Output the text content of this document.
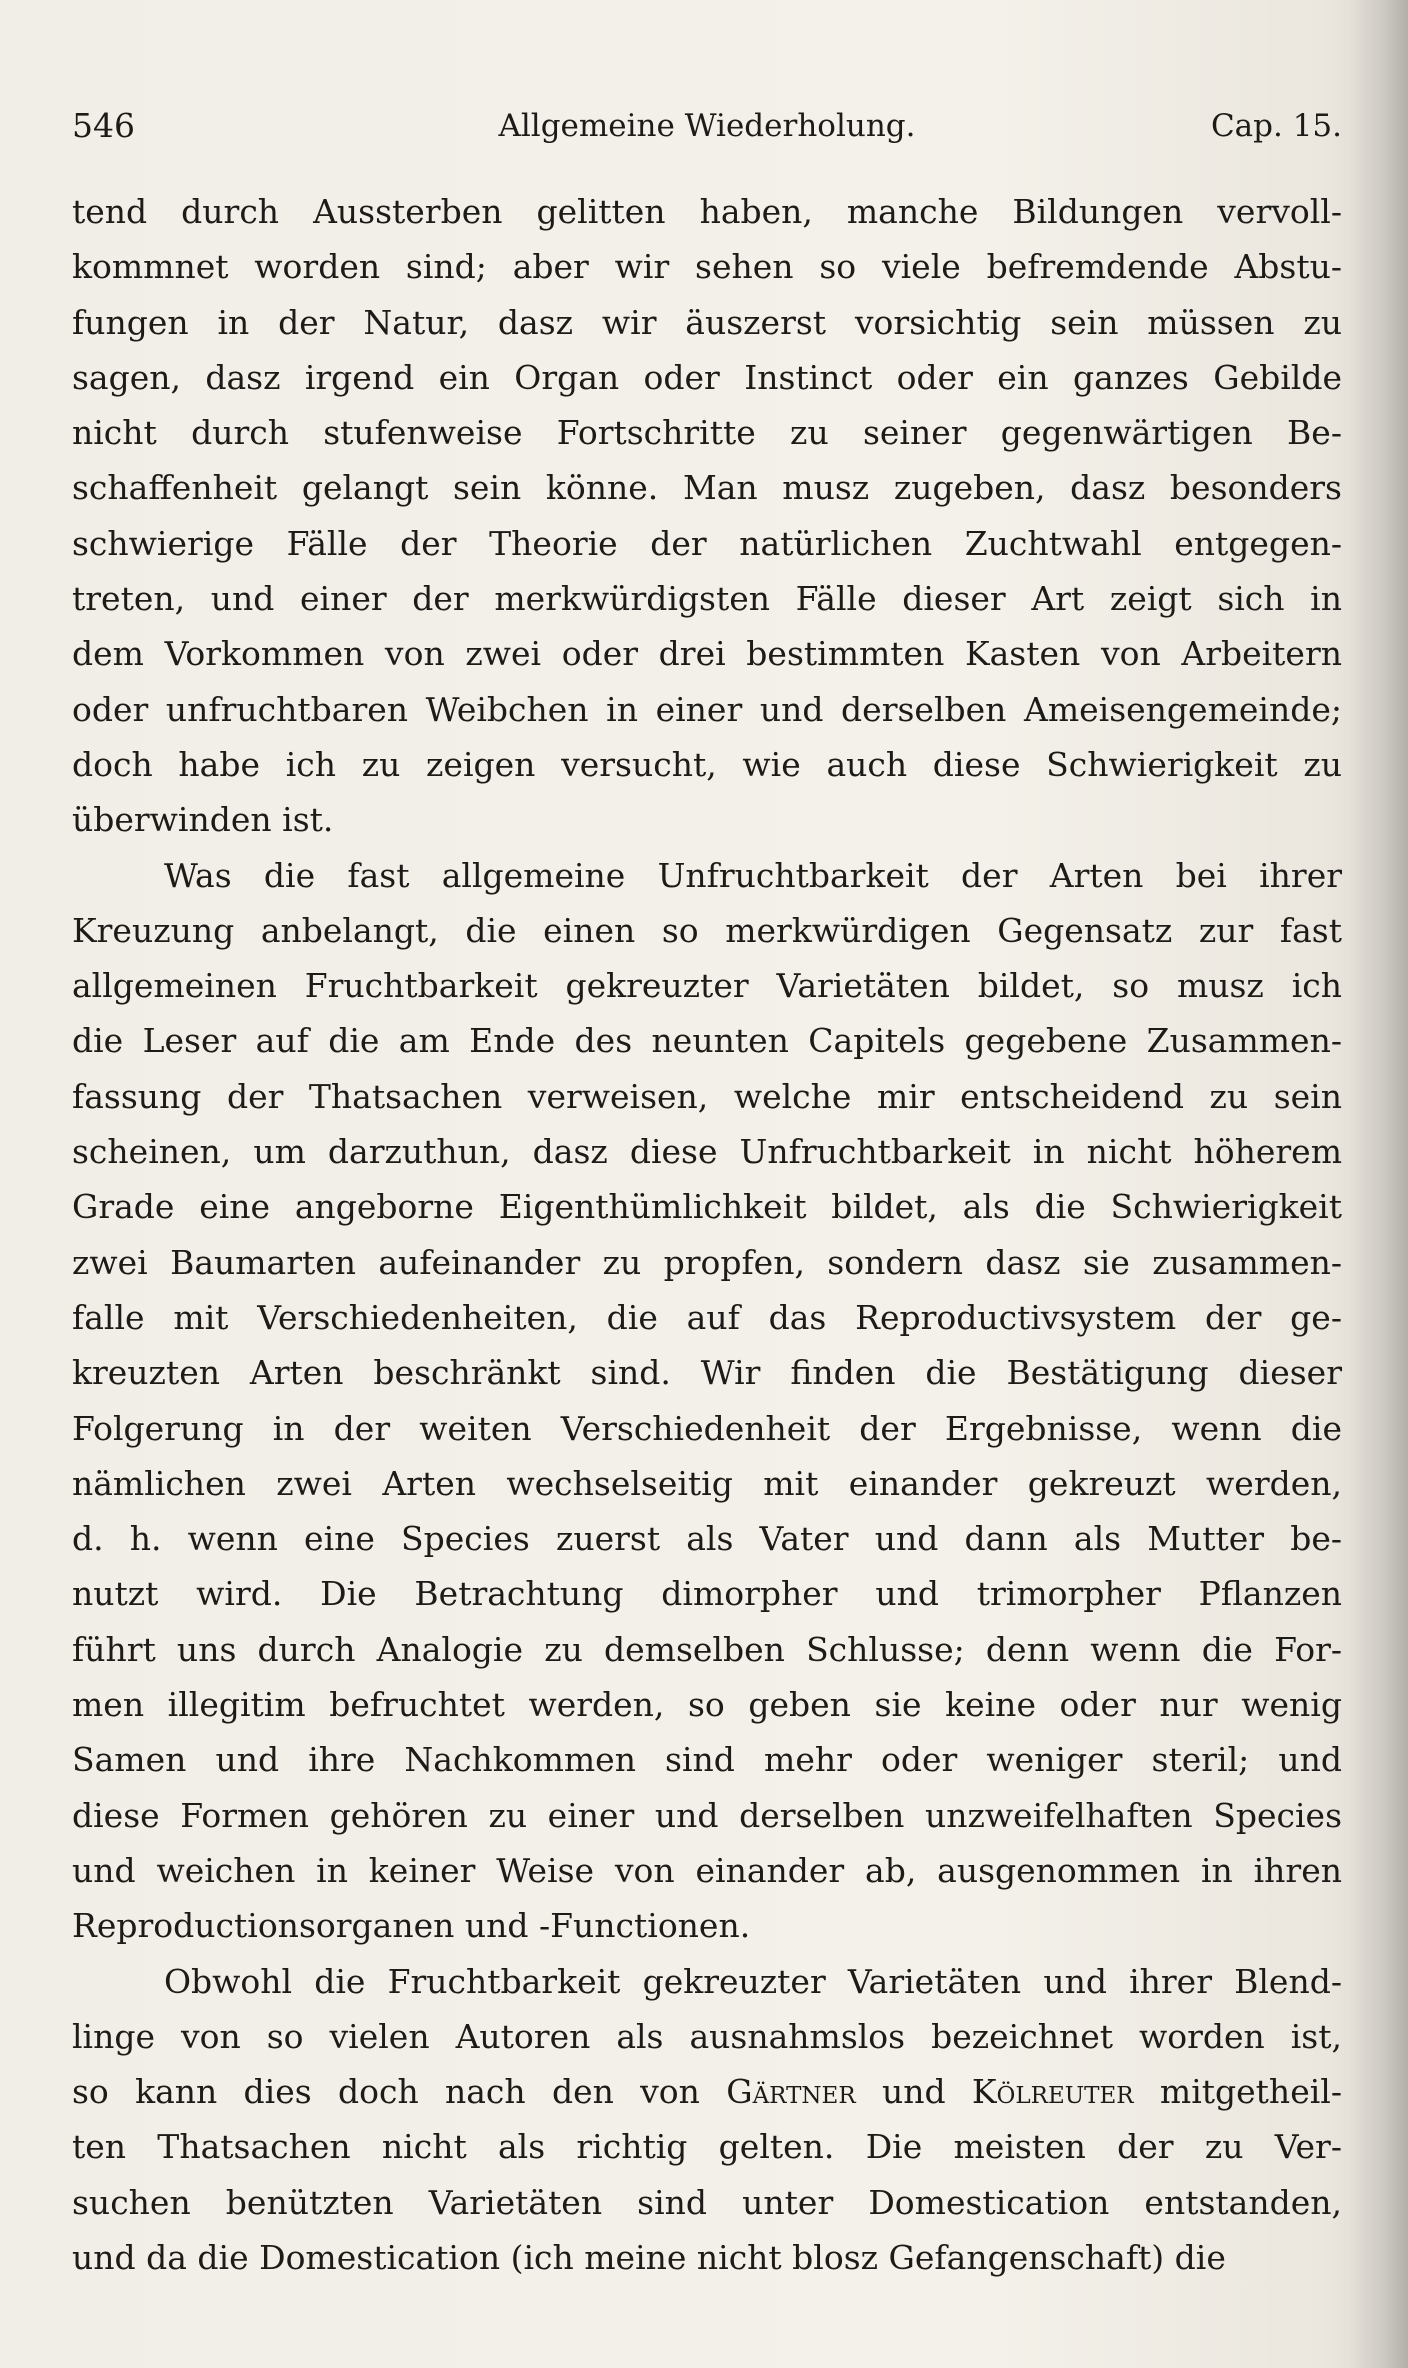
546	Allgemeine Wiederholung.	Cap. 15.
tend durch Aussterben gelitten haben, manche Bildungen vervoll-
kommnet worden sind; aber wir sehen so viele befremdende Abstu-
fungen in der Natur, dasz wir äuszerst vorsichtig sein müssen zu
sagen, dasz irgend ein Organ oder Instinct oder ein ganzes Gebilde
nicht durch stufenweise Fortschritte zu seiner gegenwärtigen Be-
schaffenheit gelangt sein könne. Man musz zugeben, dasz besonders
schwierige Fälle der Theorie der natürlichen Zuchtwahl entgegen-
treten, und einer der merkwürdigsten Fälle dieser Art zeigt sich in
dem Vorkommen von zwei oder drei bestimmten Kasten von Arbeitern
oder unfruchtbaren Weibchen in einer und derselben Ameisengemeinde;
doch habe ich zu zeigen versucht, wie auch diese Schwierigkeit zu
überwinden ist.
Was die fast allgemeine Unfruchtbarkeit der Arten bei ihrer
Kreuzung anbelangt, die einen so merkwürdigen Gegensatz zur fast
allgemeinen Fruchtbarkeit gekreuzter Varietäten bildet, so musz ich
die Leser auf die am Ende des neunten Capitels gegebene Zusammen-
fassung der Thatsachen verweisen, welche mir entscheidend zu sein
scheinen, um darzuthun, dasz diese Unfruchtbarkeit in nicht höherem
Grade eine angeborne Eigenthümlichkeit bildet, als die Schwierigkeit
zwei Baumarten aufeinander zu propfen, sondern dasz sie zusammen-
falle mit Verschiedenheiten, die auf das Reproductivsystem der ge-
kreuzten Arten beschränkt sind. Wir finden die Bestätigung dieser
Folgerung in der weiten Verschiedenheit der Ergebnisse, wenn die
nämlichen zwei Arten wechselseitig mit einander gekreuzt werden,
d. h. wenn eine Species zuerst als Vater und dann als Mutter be-
nutzt wird. Die Betrachtung dimorpher und trimorpher Pflanzen
führt uns durch Analogie zu demselben Schlusse; denn wenn die For-
men illegitim befruchtet werden, so geben sie keine oder nur wenig
Samen und ihre Nachkommen sind mehr oder weniger steril; und
diese Formen gehören zu einer und derselben unzweifelhaften Species
und weichen in keiner Weise von einander ab, ausgenommen in ihren
Reproductionsorganen und -Functionen.
Obwohl die Fruchtbarkeit gekreuzter Varietäten und ihrer Blend-
linge von so vielen Autoren als ausnahmslos bezeichnet worden ist,
so kann dies doch nach den von Gärtner und Kölreuter mitgetheil-
ten Thatsachen nicht als richtig gelten. Die meisten der zu Ver-
suchen benützten Varietäten sind unter Domestication entstanden,
und da die Domestication (ich meine nicht blosz Gefangenschaft) die
